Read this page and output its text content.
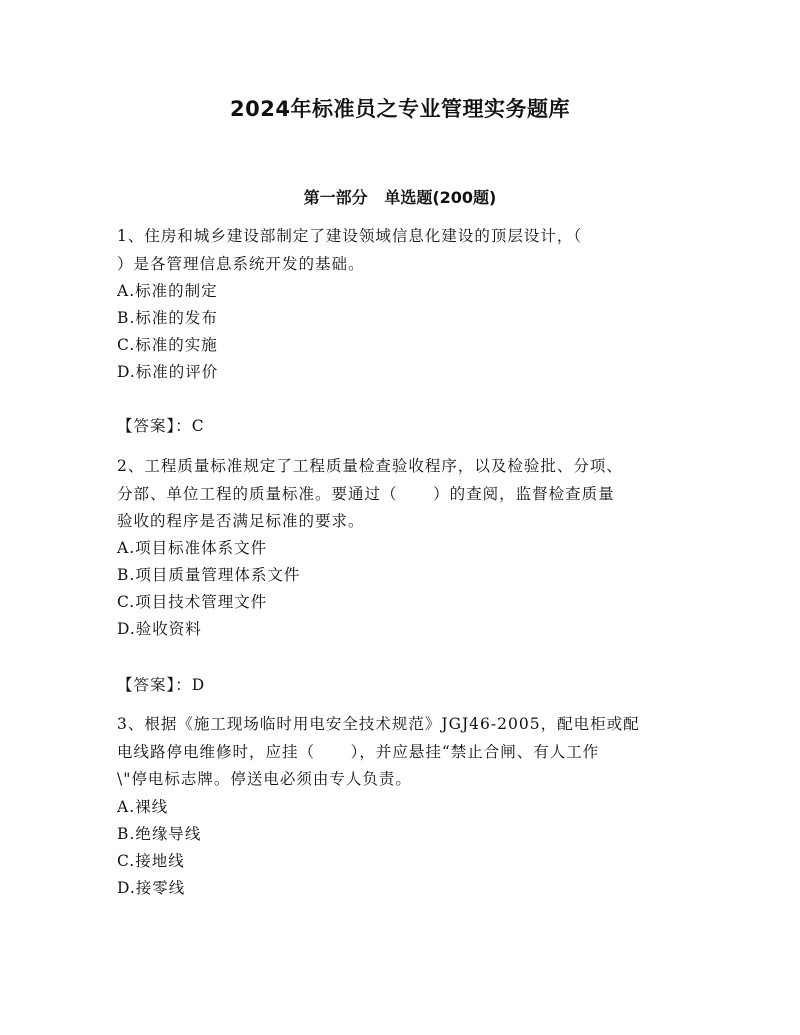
2024年标准员之专业管理实务题库
第一部分   单选题(200题)
1、住房和城乡建设部制定了建设领域信息化建设的顶层设计，（
）是各管理信息系统开发的基础。
A.标准的制定
B.标准的发布
C.标准的实施
D.标准的评价
【答案】：C
2、工程质量标准规定了工程质量检查验收程序，以及检验批、分项、
分部、单位工程的质量标准。要通过（      ）的查阅，监督检查质量
验收的程序是否满足标准的要求。
A.项目标准体系文件
B.项目质量管理体系文件
C.项目技术管理文件
D.验收资料
【答案】：D
3、根据《施工现场临时用电安全技术规范》JGJ46-2005，配电柜或配
电线路停电维修时，应挂（      ），并应悬挂“禁止合闸、有人工作
\"停电标志牌。停送电必须由专人负责。
A.裸线
B.绝缘导线
C.接地线
D.接零线
